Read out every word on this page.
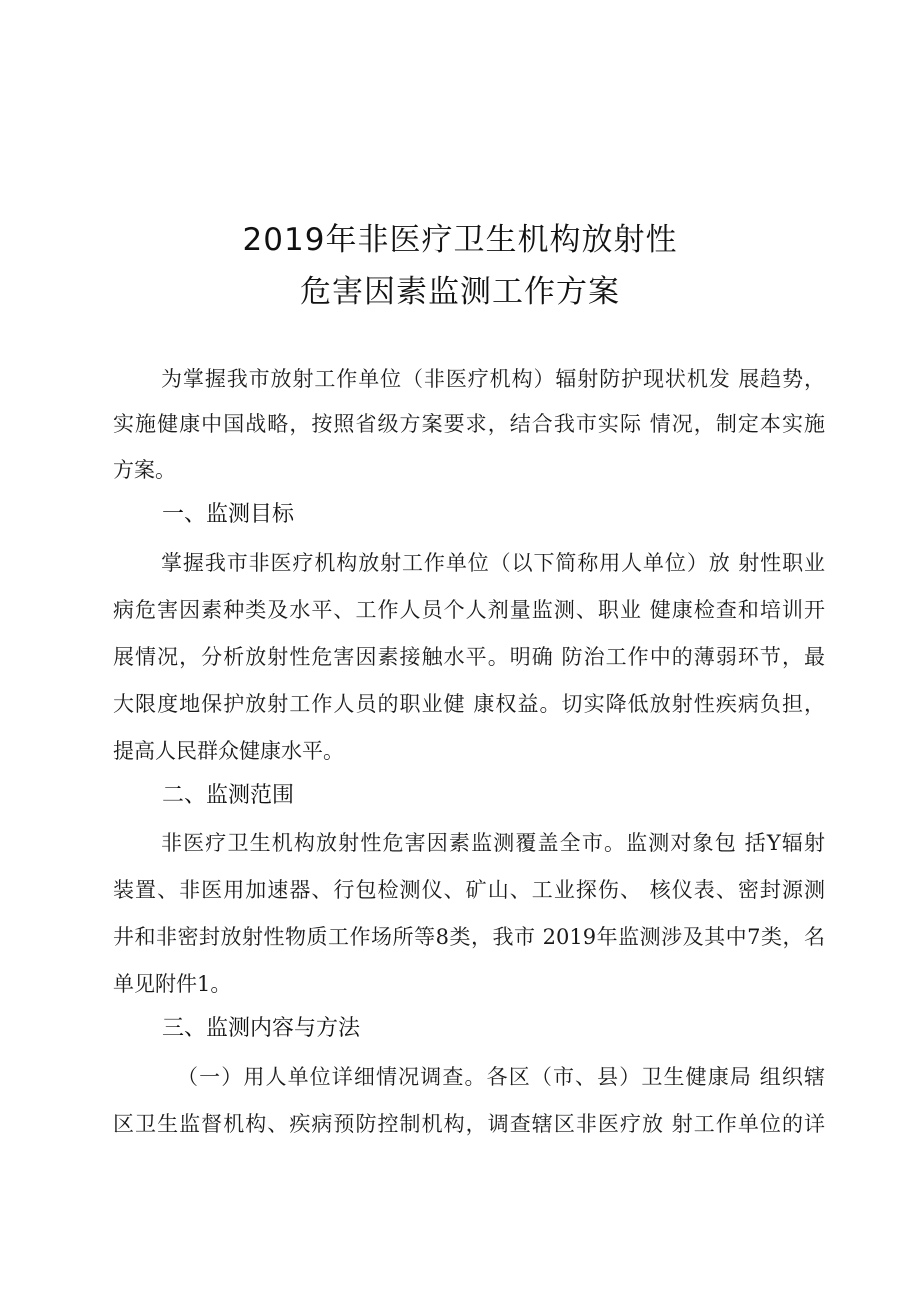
2019年非医疗卫生机构放射性
危害因素监测工作方案
为掌握我市放射工作单位（非医疗机构）辐射防护现状机发 展趋势，
实施健康中国战略，按照省级方案要求，结合我市实际 情况，制定本实施
方案。
一、监测目标
掌握我市非医疗机构放射工作单位（以下简称用人单位）放 射性职业
病危害因素种类及水平、工作人员个人剂量监测、职业 健康检查和培训开
展情况，分析放射性危害因素接触水平。明确 防治工作中的薄弱环节，最
大限度地保护放射工作人员的职业健 康权益。切实降低放射性疾病负担，
提高人民群众健康水平。
二、监测范围
非医疗卫生机构放射性危害因素监测覆盖全市。监测对象包 括Y辐射
装置、非医用加速器、行包检测仪、矿山、工业探伤、 核仪表、密封源测
井和非密封放射性物质工作场所等8类，我市 2019年监测涉及其中7类，名
单见附件1。
三、监测内容与方法
（一）用人单位详细情况调查。各区（市、县）卫生健康局 组织辖
区卫生监督机构、疾病预防控制机构，调查辖区非医疗放 射工作单位的详
